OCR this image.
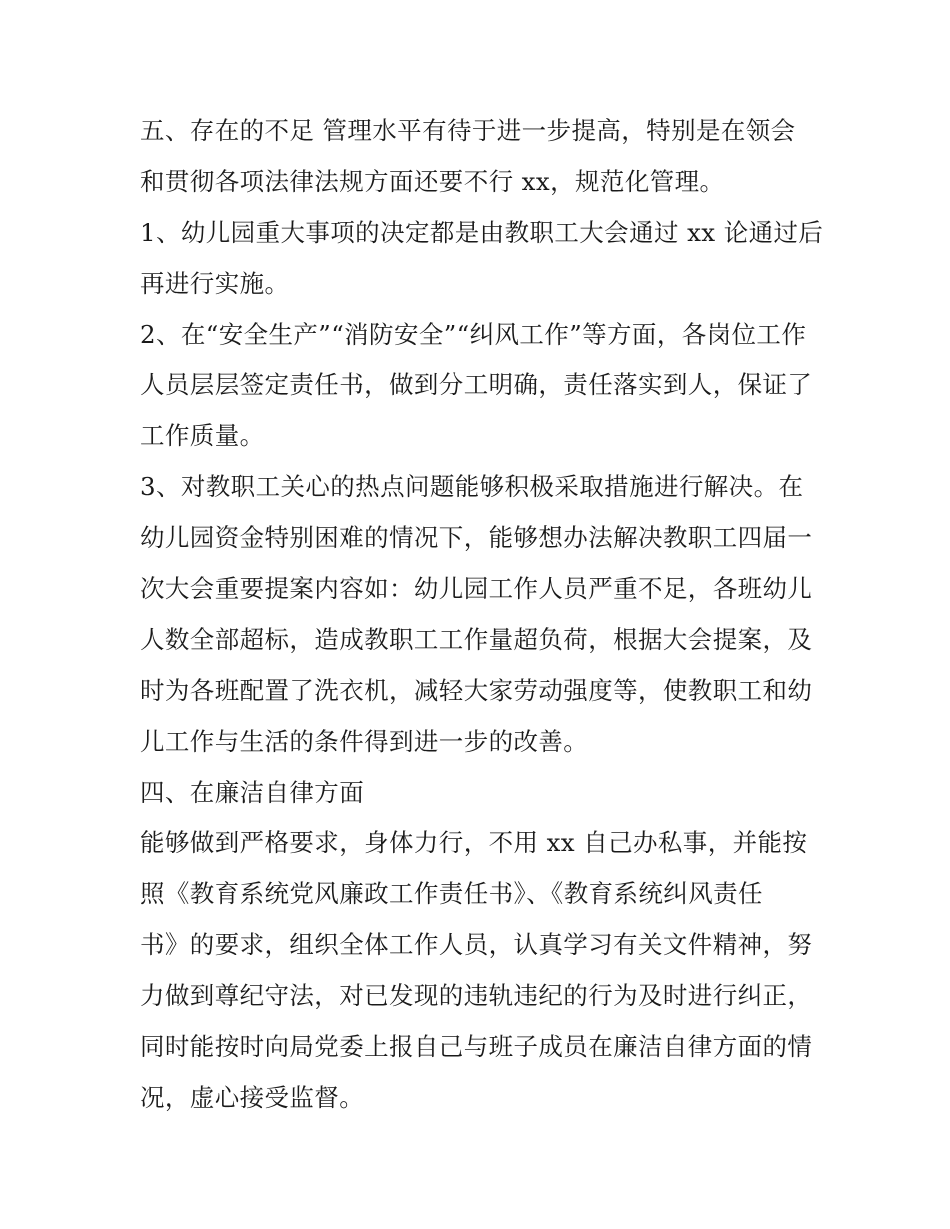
五、存在的不足 管理水平有待于进一步提高，特别是在领会
和贯彻各项法律法规方面还要不行 xx，规范化管理。
1、幼儿园重大事项的决定都是由教职工大会通过 xx 论通过后
再进行实施。
2、在“安全生产”“消防安全”“纠风工作”等方面，各岗位工作
人员层层签定责任书，做到分工明确，责任落实到人，保证了
工作质量。
3、对教职工关心的热点问题能够积极采取措施进行解决。在
幼儿园资金特别困难的情况下，能够想办法解决教职工四届一
次大会重要提案内容如：幼儿园工作人员严重不足，各班幼儿
人数全部超标，造成教职工工作量超负荷，根据大会提案，及
时为各班配置了洗衣机，减轻大家劳动强度等，使教职工和幼
儿工作与生活的条件得到进一步的改善。
四、在廉洁自律方面
能够做到严格要求，身体力行，不用 xx 自己办私事，并能按
照《教育系统党风廉政工作责任书》、《教育系统纠风责任
书》的要求，组织全体工作人员，认真学习有关文件精神，努
力做到尊纪守法，对已发现的违轨违纪的行为及时进行纠正，
同时能按时向局党委上报自己与班子成员在廉洁自律方面的情
况，虚心接受监督。
